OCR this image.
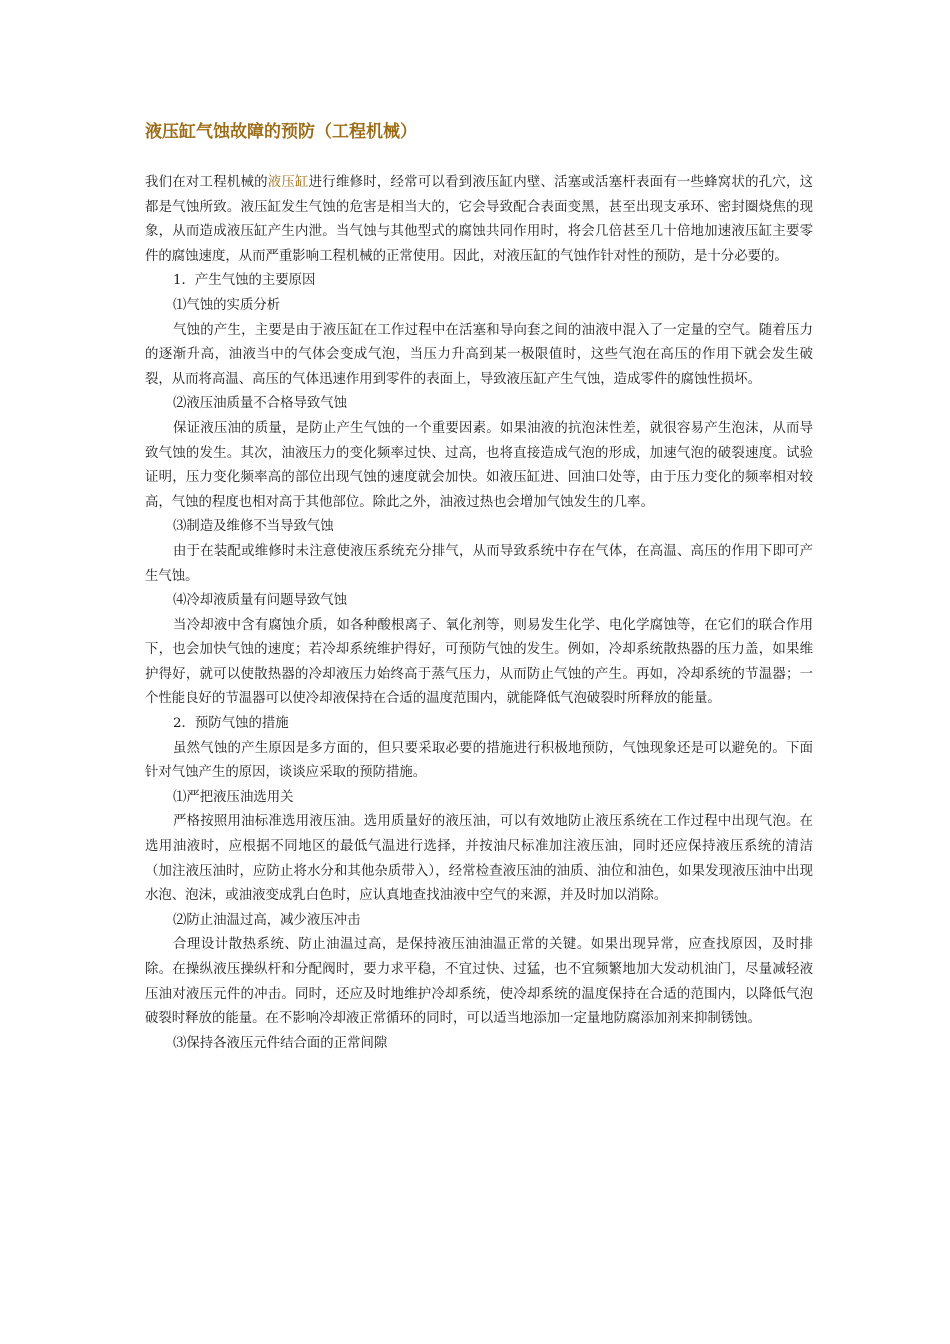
液压缸气蚀故障的预防（工程机械）

我们在对工程机械的液压缸进行维修时，经常可以看到液压缸内壁、活塞或活塞杆表面有一些蜂窝状的孔穴，这都是气蚀所致。液压缸发生气蚀的危害是相当大的，它会导致配合表面变黑，甚至出现支承环、密封圈烧焦的现象，从而造成液压缸产生内泄。当气蚀与其他型式的腐蚀共同作用时，将会几倍甚至几十倍地加速液压缸主要零件的腐蚀速度，从而严重影响工程机械的正常使用。因此，对液压缸的气蚀作针对性的预防，是十分必要的。

1．产生气蚀的主要原因

⑴气蚀的实质分析

气蚀的产生，主要是由于液压缸在工作过程中在活塞和导向套之间的油液中混入了一定量的空气。随着压力的逐渐升高，油液当中的气体会变成气泡，当压力升高到某一极限值时，这些气泡在高压的作用下就会发生破裂，从而将高温、高压的气体迅速作用到零件的表面上，导致液压缸产生气蚀，造成零件的腐蚀性损坏。

⑵液压油质量不合格导致气蚀

保证液压油的质量，是防止产生气蚀的一个重要因素。如果油液的抗泡沫性差，就很容易产生泡沫，从而导致气蚀的发生。其次，油液压力的变化频率过快、过高，也将直接造成气泡的形成，加速气泡的破裂速度。试验证明，压力变化频率高的部位出现气蚀的速度就会加快。如液压缸进、回油口处等，由于压力变化的频率相对较高，气蚀的程度也相对高于其他部位。除此之外，油液过热也会增加气蚀发生的几率。

⑶制造及维修不当导致气蚀

由于在装配或维修时未注意使液压系统充分排气，从而导致系统中存在气体，在高温、高压的作用下即可产生气蚀。

⑷冷却液质量有问题导致气蚀

当冷却液中含有腐蚀介质，如各种酸根离子、氧化剂等，则易发生化学、电化学腐蚀等，在它们的联合作用下，也会加快气蚀的速度；若冷却系统维护得好，可预防气蚀的发生。例如，冷却系统散热器的压力盖，如果维护得好，就可以使散热器的冷却液压力始终高于蒸气压力，从而防止气蚀的产生。再如，冷却系统的节温器；一个性能良好的节温器可以使冷却液保持在合适的温度范围内，就能降低气泡破裂时所释放的能量。

2．预防气蚀的措施

虽然气蚀的产生原因是多方面的，但只要采取必要的措施进行积极地预防，气蚀现象还是可以避免的。下面针对气蚀产生的原因，谈谈应采取的预防措施。

⑴严把液压油选用关

严格按照用油标准选用液压油。选用质量好的液压油，可以有效地防止液压系统在工作过程中出现气泡。在选用油液时，应根据不同地区的最低气温进行选择，并按油尺标准加注液压油，同时还应保持液压系统的清洁（加注液压油时，应防止将水分和其他杂质带入），经常检查液压油的油质、油位和油色，如果发现液压油中出现水泡、泡沫，或油液变成乳白色时，应认真地查找油液中空气的来源，并及时加以消除。

⑵防止油温过高，减少液压冲击

合理设计散热系统、防止油温过高，是保持液压油油温正常的关键。如果出现异常，应查找原因，及时排除。在操纵液压操纵杆和分配阀时，要力求平稳，不宜过快、过猛，也不宜频繁地加大发动机油门，尽量减轻液压油对液压元件的冲击。同时，还应及时地维护冷却系统，使冷却系统的温度保持在合适的范围内，以降低气泡破裂时释放的能量。在不影响冷却液正常循环的同时，可以适当地添加一定量地防腐添加剂来抑制锈蚀。

⑶保持各液压元件结合面的正常间隙
